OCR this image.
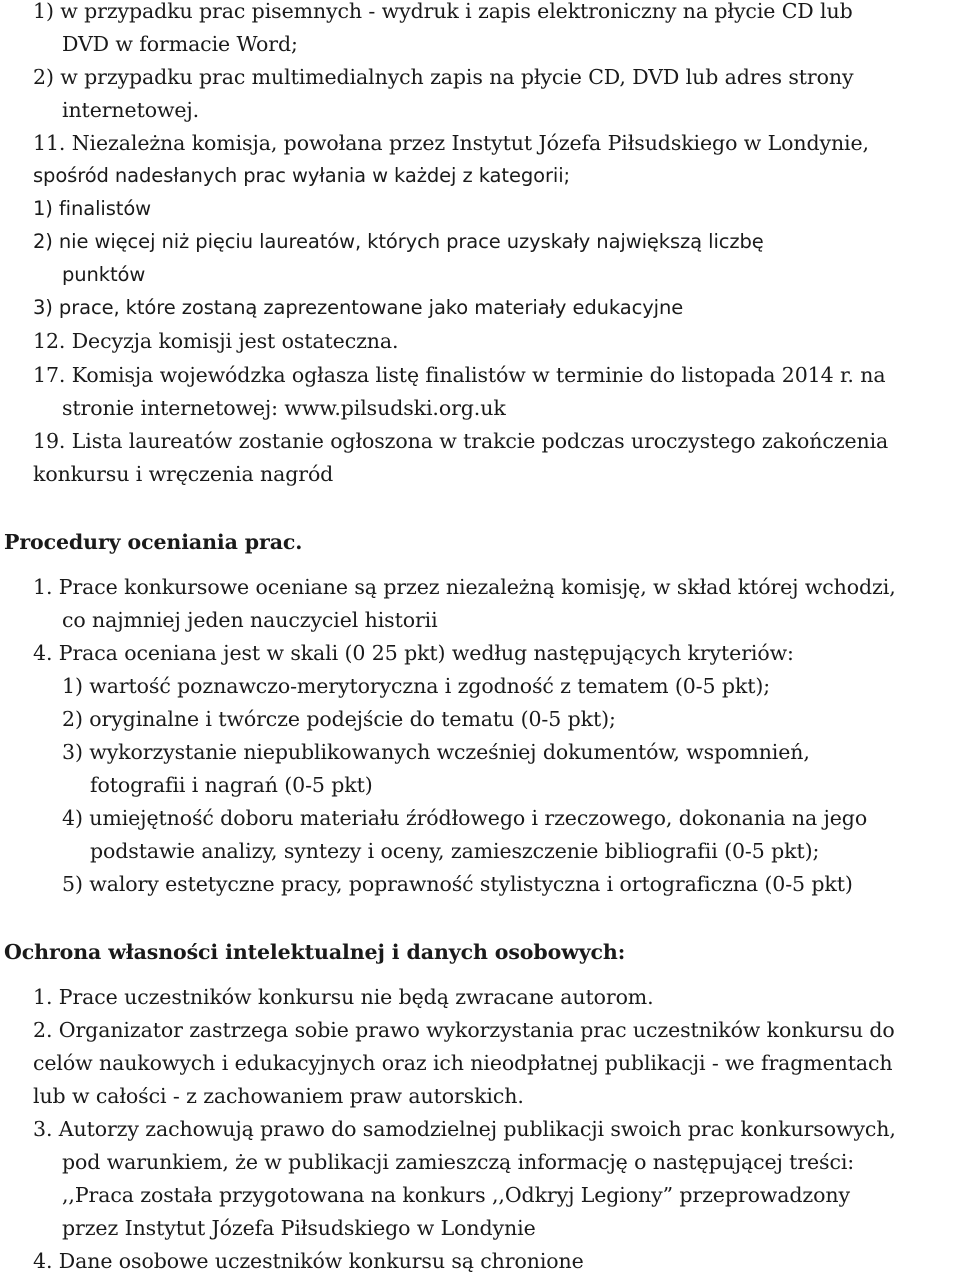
1) w przypadku prac pisemnych - wydruk i zapis elektroniczny na płycie CD lub
DVD w formacie Word;
2) w przypadku prac multimedialnych zapis na płycie CD, DVD lub adres strony
internetowej.
11. Niezależna komisja, powołana przez Instytut Józefa Piłsudskiego w Londynie,
spośród nadesłanych prac wyłania w każdej z kategorii;
1) finalistów
2) nie więcej niż pięciu laureatów, których prace uzyskały największą liczbę
punktów
3) prace, które zostaną zaprezentowane jako materiały edukacyjne
12. Decyzja komisji jest ostateczna.
17. Komisja wojewódzka ogłasza listę finalistów w terminie do listopada 2014 r. na
stronie internetowej: www.pilsudski.org.uk
19. Lista laureatów zostanie ogłoszona w trakcie podczas uroczystego zakończenia
konkursu i wręczenia nagród
Procedury oceniania prac.
1. Prace konkursowe oceniane są przez niezależną komisję, w skład której wchodzi,
co najmniej jeden nauczyciel historii
4. Praca oceniana jest w skali (0 25 pkt) według następujących kryteriów:
1) wartość poznawczo-merytoryczna i zgodność z tematem (0-5 pkt);
2) oryginalne i twórcze podejście do tematu (0-5 pkt);
3) wykorzystanie niepublikowanych wcześniej dokumentów, wspomnień,
fotografii i nagrań (0-5 pkt)
4) umiejętność doboru materiału źródłowego i rzeczowego, dokonania na jego
podstawie analizy, syntezy i oceny, zamieszczenie bibliografii (0-5 pkt);
5) walory estetyczne pracy, poprawność stylistyczna i ortograficzna (0-5 pkt)
Ochrona własności intelektualnej i danych osobowych:
1. Prace uczestników konkursu nie będą zwracane autorom.
2. Organizator zastrzega sobie prawo wykorzystania prac uczestników konkursu do
celów naukowych i edukacyjnych oraz ich nieodpłatnej publikacji - we fragmentach
lub w całości - z zachowaniem praw autorskich.
3. Autorzy zachowują prawo do samodzielnej publikacji swoich prac konkursowych,
pod warunkiem, że w publikacji zamieszczą informację o następującej treści:
,,Praca została przygotowana na konkurs ,,Odkryj Legiony” przeprowadzony
przez Instytut Józefa Piłsudskiego w Londynie
4. Dane osobowe uczestników konkursu są chronione
